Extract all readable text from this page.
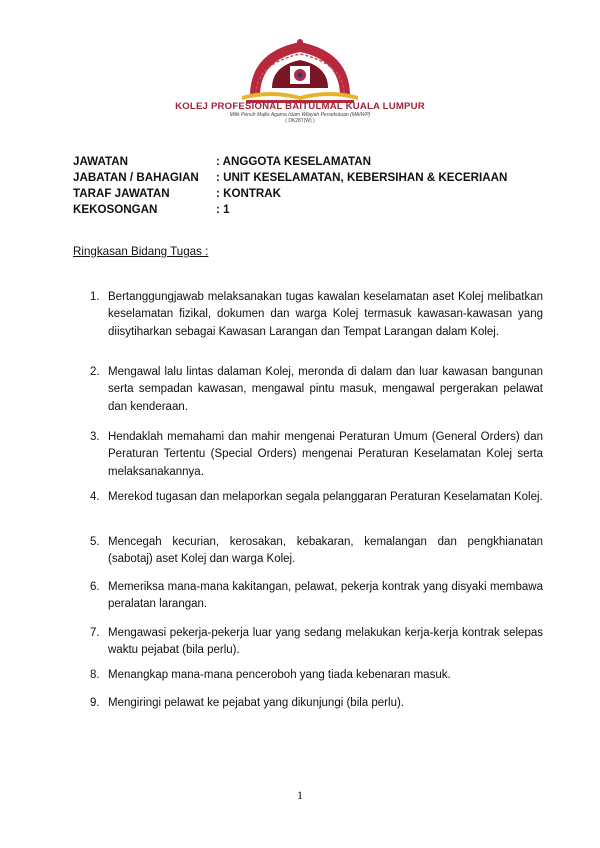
KOLEJ PROFESIONAL BAITULMAL KUALA LUMPUR
Milik Penuh Majlis Agama Islam Wilayah Persekutuan (MAIWP)
( DK287(W) )
JAWATAN	: ANGGOTA KESELAMATAN
JABATAN / BAHAGIAN : UNIT KESELAMATAN, KEBERSIHAN & KECERIAAN
TARAF JAWATAN	: KONTRAK
KEKOSONGAN	: 1
Ringkasan Bidang Tugas :
1. Bertanggungjawab melaksanakan tugas kawalan keselamatan aset Kolej melibatkan keselamatan fizikal, dokumen dan warga Kolej termasuk kawasan-kawasan yang diisytiharkan sebagai Kawasan Larangan dan Tempat Larangan dalam Kolej.
2. Mengawal lalu lintas dalaman Kolej, meronda di dalam dan luar kawasan bangunan serta sempadan kawasan, mengawal pintu masuk, mengawal pergerakan pelawat dan kenderaan.
3. Hendaklah memahami dan mahir mengenai Peraturan Umum (General Orders) dan Peraturan Tertentu (Special Orders) mengenai Peraturan Keselamatan Kolej serta melaksanakannya.
4. Merekod tugasan dan melaporkan segala pelanggaran Peraturan Keselamatan Kolej.
5. Mencegah kecurian, kerosakan, kebakaran, kemalangan dan pengkhianatan (sabotaj) aset Kolej dan warga Kolej.
6. Memeriksa mana-mana kakitangan, pelawat, pekerja kontrak yang disyaki membawa peralatan larangan.
7. Mengawasi pekerja-pekerja luar yang sedang melakukan kerja-kerja kontrak selepas waktu pejabat (bila perlu).
8. Menangkap mana-mana penceroboh yang tiada kebenaran masuk.
9. Mengiringi pelawat ke pejabat yang dikunjungi (bila perlu).
1
